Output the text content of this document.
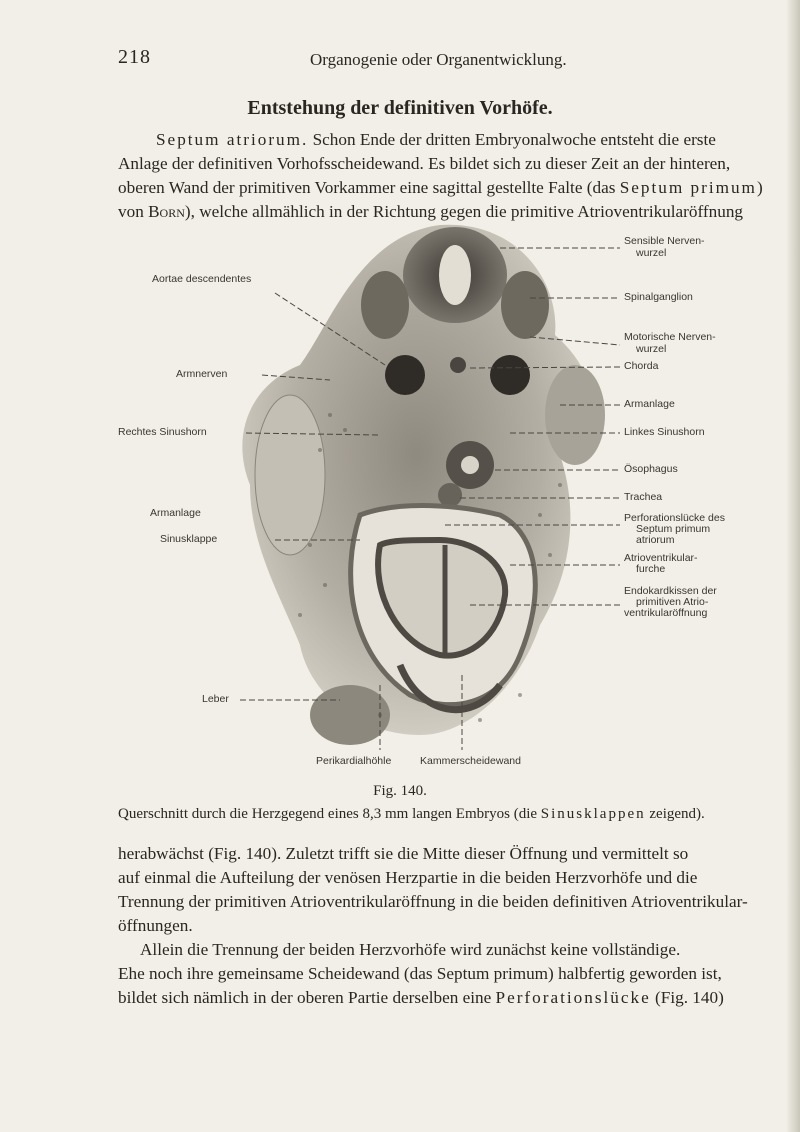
218	Organogenie oder Organentwicklung.
Entstehung der definitiven Vorhöfe.
Septum atriorum. Schon Ende der dritten Embryonalwoche entsteht die erste
Anlage der definitiven Vorhofsscheidewand. Es bildet sich zu dieser Zeit an der hinteren,
oberen Wand der primitiven Vorkammer eine sagittal gestellte Falte (das Septum primum)
von Born), welche allmählich in der Richtung gegen die primitive Atrioventrikularöffnung
Aortae descendentes
Armnerven
Rechtes Sinushorn
Armanlage
Sinusklappe
Leber
Sensible Nerven-
wurzel
Spinalganglion
Motorische Nerven-
wurzel
Chorda
Armanlage
Linkes Sinushorn
Ösophagus
Trachea
Perforationslücke des
Septum primum
atriorum
Atrioventrikular-
furche
Endokardkissen der
primitiven Atrio-
ventrikularöffnung
Perikardialhöhle	Kammerscheidewand
Fig. 140.
Querschnitt durch die Herzgegend eines 8,3 mm langen Embryos (die Sinusklappen zeigend).
herabwächst (Fig. 140). Zuletzt trifft sie die Mitte dieser Öffnung und vermittelt so
auf einmal die Aufteilung der venösen Herzpartie in die beiden Herzvorhöfe und die
Trennung der primitiven Atrioventrikularöffnung in die beiden definitiven Atrioventrikular-
öffnungen.
Allein die Trennung der beiden Herzvorhöfe wird zunächst keine vollständige.
Ehe noch ihre gemeinsame Scheidewand (das Septum primum) halbfertig geworden ist,
bildet sich nämlich in der oberen Partie derselben eine Perforationslücke (Fig. 140)
